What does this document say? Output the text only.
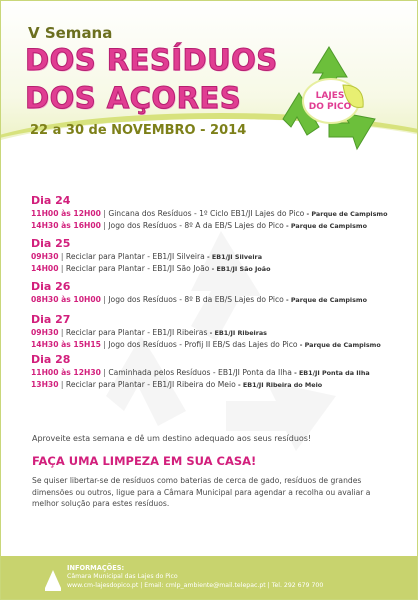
V Semana
DOS RESÍDUOS
DOS AÇORES
22 a 30 de NOVEMBRO - 2014
LAJES
DO PICO
Dia 24
11H00 às 12H00 | Gincana dos Resíduos - 1º Ciclo EB1/JI Lajes do Pico - Parque de Campismo
14H30 às 16H00 | Jogo dos Resíduos - 8º A da EB/S Lajes do Pico - Parque de Campismo
Dia 25
09H30 | Reciclar para Plantar - EB1/JI Silveira - EB1/JI Silveira
14H00 | Reciclar para Plantar - EB1/JI São João - EB1/JI São João
Dia 26
08H30 às 10H00 | Jogo dos Resíduos - 8º B da EB/S Lajes do Pico - Parque de Campismo
Dia 27
09H30 | Reciclar para Plantar - EB1/JI Ribeiras - EB1/JI Ribeiras
14H30 às 15H15 | Jogo dos Resíduos - Profij II EB/S das Lajes do Pico - Parque de Campismo
Dia 28
11H00 às 12H30 | Caminhada pelos Resíduos - EB1/JI Ponta da Ilha - EB1/JI Ponta da Ilha
13H30 | Reciclar para Plantar - EB1/JI Ribeira do Meio - EB1/JI Ribeira do Meio
Aproveite esta semana e dê um destino adequado aos seus resíduos!
FAÇA UMA LIMPEZA EM SUA CASA!
Se quiser libertar-se de resíduos como baterias de cerca de gado, resíduos de grandes dimensões ou outros, ligue para a Câmara Municipal para agendar a recolha ou avaliar a melhor solução para estes resíduos.
INFORMAÇÕES:
Câmara Municipal das Lajes do Pico
www.cm-lajesdopico.pt | Email: cmlp_ambiente@mail.telepac.pt | Tel. 292 679 700
